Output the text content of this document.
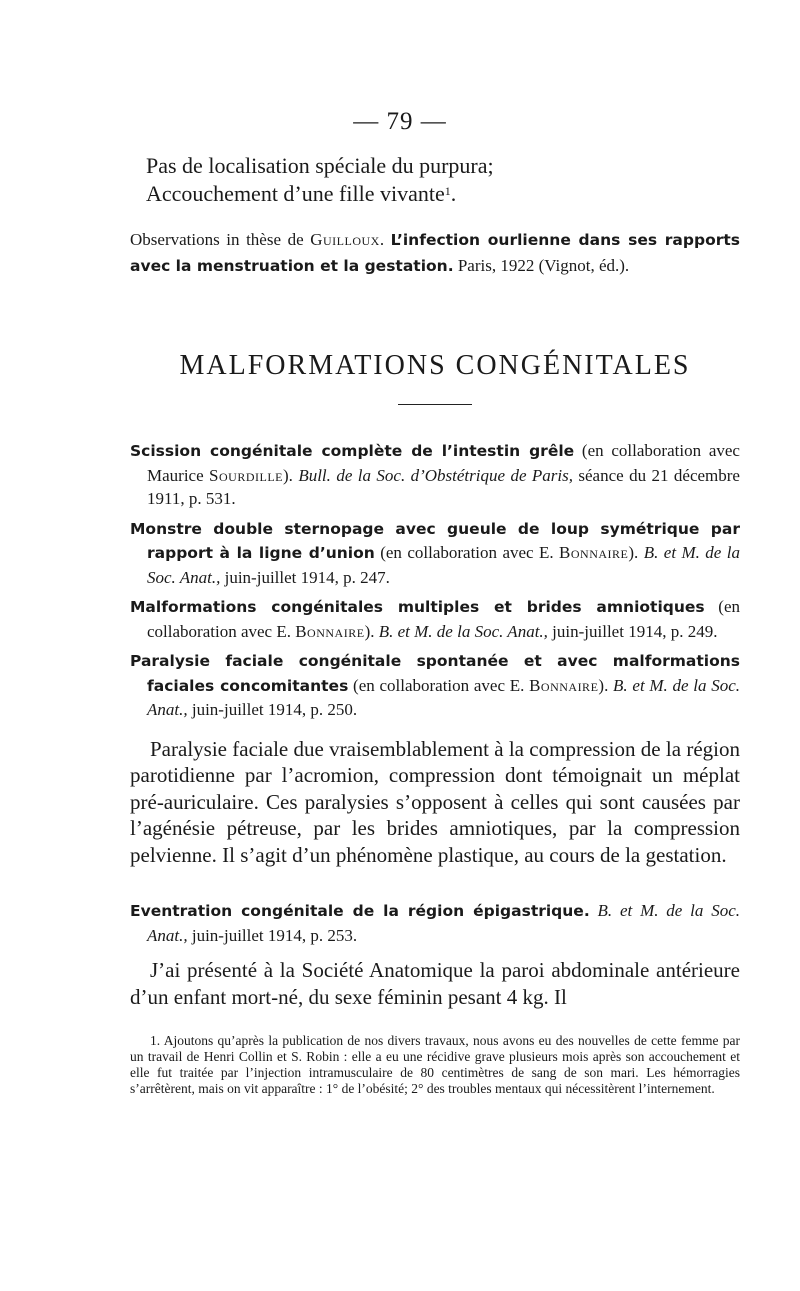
— 79 —

Pas de localisation spéciale du purpura;

Accouchement d’une fille vivante$^1$.

Observations in thèse de Guilloux. L’infection ourlienne dans ses rapports avec la menstruation et la gestation. Paris, 1922 (Vignot, éd.).

MALFORMATIONS CONGÉNITALES

Scission congénitale complète de l’intestin grêle (en collaboration avec Maurice Sourdille). Bull. de la Soc. d’Obstétrique de Paris, séance du 21 décembre 1911, p. 531.

Monstre double sternopage avec gueule de loup symétrique par rapport à la ligne d’union (en collaboration avec E. Bonnaire). B. et M. de la Soc. Anat., juin-juillet 1914, p. 247.

Malformations congénitales multiples et brides amniotiques (en collaboration avec E. Bonnaire). B. et M. de la Soc. Anat., juin-juillet 1914, p. 249.

Paralysie faciale congénitale spontanée et avec malformations faciales concomitantes (en collaboration avec E. Bonnaire). B. et M. de la Soc. Anat., juin-juillet 1914, p. 250.

Paralysie faciale due vraisemblablement à la compression de la région parotidienne par l’acromion, compression dont témoignait un méplat pré-auriculaire. Ces paralysies s’opposent à celles qui sont causées par l’agénésie pétreuse, par les brides amniotiques, par la compression pelvienne. Il s’agit d’un phénomène plastique, au cours de la gestation.

Eventration congénitale de la région épigastrique. B. et M. de la Soc. Anat., juin-juillet 1914, p. 253.

J’ai présenté à la Société Anatomique la paroi abdominale antérieure d’un enfant mort-né, du sexe féminin pesant 4 kg. Il

1. Ajoutons qu’après la publication de nos divers travaux, nous avons eu des nouvelles de cette femme par un travail de Henri Collin et S. Robin : elle a eu une récidive grave plusieurs mois après son accouchement et elle fut traitée par l’injection intramusculaire de 80 centimètres de sang de son mari. Les hémorragies s’arrêtèrent, mais on vit apparaître : 1° de l’obésité; 2° des troubles mentaux qui nécessitèrent l’internement.
